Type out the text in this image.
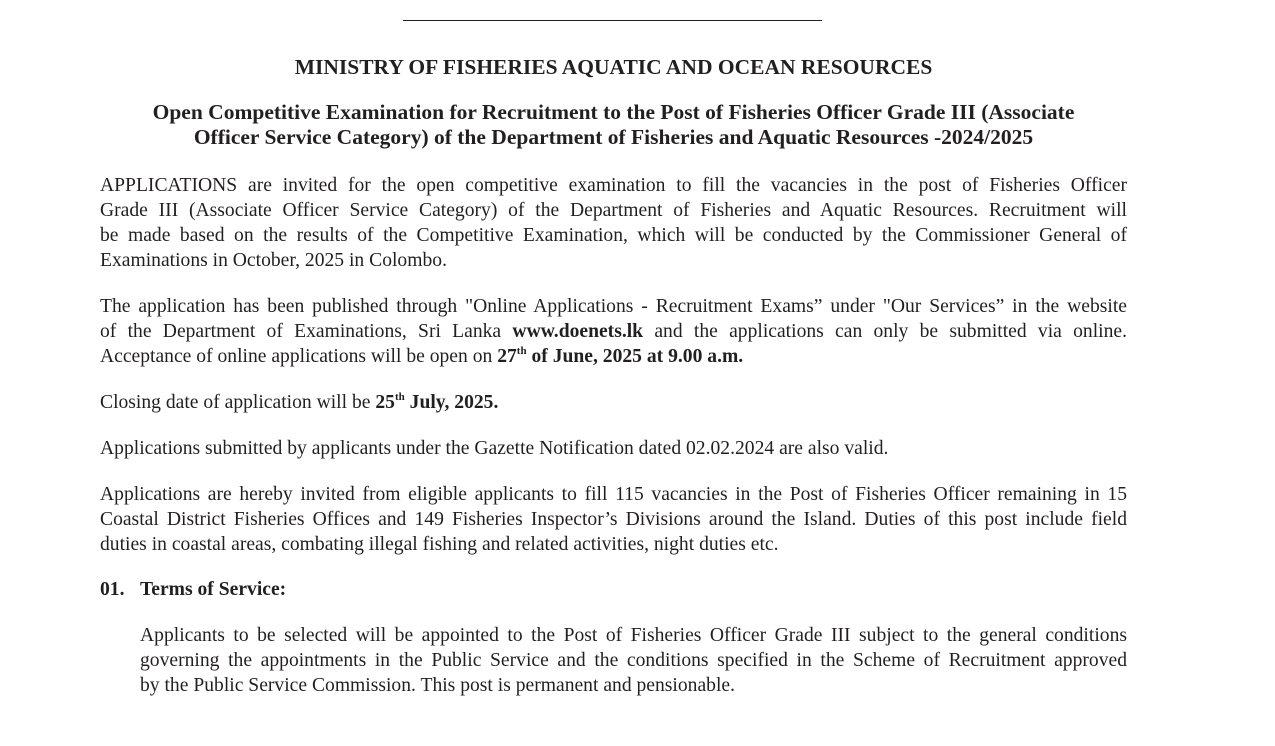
MINISTRY OF FISHERIES AQUATIC AND OCEAN RESOURCES
Open Competitive Examination for Recruitment to the Post of Fisheries Officer Grade III (Associate
Officer Service Category) of the Department of Fisheries and Aquatic Resources -2024/2025

APPLICATIONS are invited for the open competitive examination to fill the vacancies in the post of Fisheries Officer
Grade III (Associate Officer Service Category) of the Department of Fisheries and Aquatic Resources. Recruitment will
be made based on the results of the Competitive Examination, which will be conducted by the Commissioner General of
Examinations in October, 2025 in Colombo.

The application has been published through "Online Applications - Recruitment Exams” under "Our Services” in the website
of the Department of Examinations, Sri Lanka www.doenets.lk and the applications can only be submitted via online.
Acceptance of online applications will be open on 27th of June, 2025 at 9.00 a.m.

Closing date of application will be 25th July, 2025.

Applications submitted by applicants under the Gazette Notification dated 02.02.2024 are also valid.

Applications are hereby invited from eligible applicants to fill 115 vacancies in the Post of Fisheries Officer remaining in 15
Coastal District Fisheries Offices and 149 Fisheries Inspector’s Divisions around the Island. Duties of this post include field
duties in coastal areas, combating illegal fishing and related activities, night duties etc.

01. Terms of Service:

Applicants to be selected will be appointed to the Post of Fisheries Officer Grade III subject to the general conditions
governing the appointments in the Public Service and the conditions specified in the Scheme of Recruitment approved
by the Public Service Commission. This post is permanent and pensionable.
